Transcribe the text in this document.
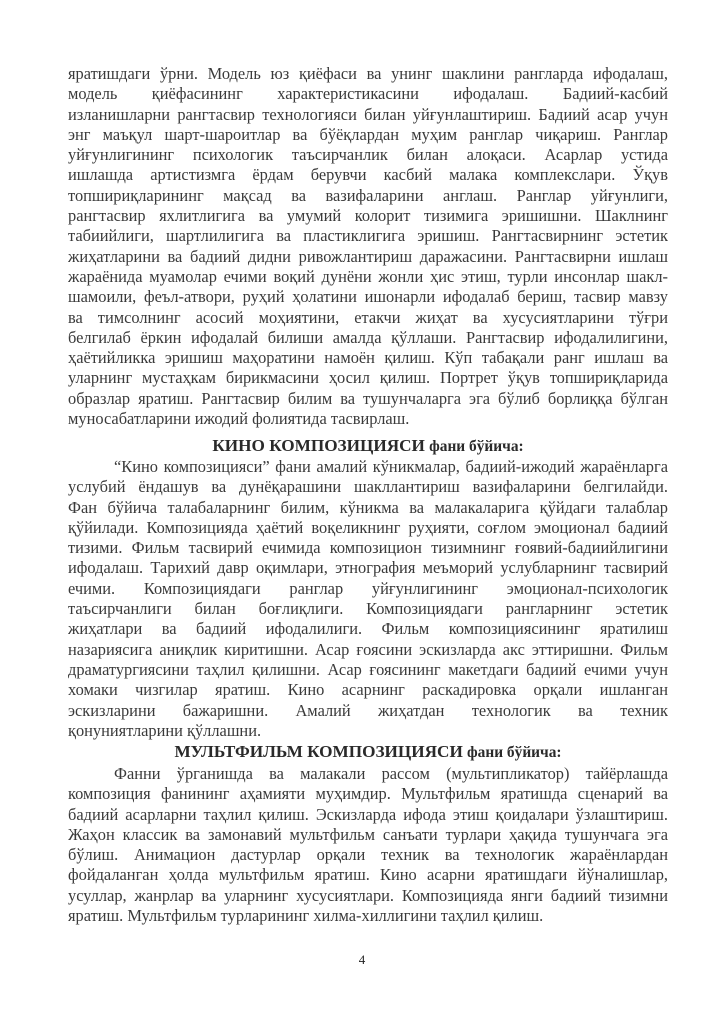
яратишдаги ўрни. Модель юз қиёфаси ва унинг шаклини рангларда ифодалаш,
модель қиёфасининг характеристикасини ифодалаш. Бадиий-касбий
изланишларни рангтасвир технологияси билан уйғунлаштириш. Бадиий асар учун
энг маъқул шарт-шароитлар ва бўёқлардан муҳим ранглар чиқариш. Ранглар
уйғунлигининг психологик таъсирчанлик билан алоқаси. Асарлар устида
ишлашда артистизмга ёрдам берувчи касбий малака комплекслари. Ўқув
топшириқларининг мақсад ва вазифаларини англаш. Ранглар уйғунлиги,
рангтасвир яхлитлигига ва умумий колорит тизимига эришишни. Шаклнинг
табиийлиги, шартлилигига ва пластиклигига эришиш. Рангтасвирнинг эстетик
жиҳатларини ва бадиий дидни ривожлантириш даражасини. Рангтасвирни ишлаш
жараёнида муамолар ечими воқий дунёни жонли ҳис этиш, турли инсонлар шакл-
шамоили, феъл-атвори, руҳий ҳолатини ишонарли ифодалаб бериш, тасвир мавзу
ва тимсолнинг асосий моҳиятини, етакчи жиҳат ва хусусиятларини тўғри
белгилаб ёркин ифодалай билиши амалда қўллаши. Рангтасвир ифодалилигини,
ҳаётийликка эришиш маҳоратини намоён қилиш. Кўп табақали ранг ишлаш ва
уларнинг мустаҳкам бирикмасини ҳосил қилиш. Портрет ўқув топшириқларида
образлар яратиш. Рангтасвир билим ва тушунчаларга эга бўлиб борлиққа бўлган
муносабатларини ижодий фолиятида тасвирлаш.
КИНО КОМПОЗИЦИЯСИ фани бўйича:
“Кино композицияси” фани амалий кўникмалар, бадиий-ижодий жараёнларга
услубий ёндашув ва дунёқарашини шакллантириш вазифаларини белгилайди.
Фан бўйича талабаларнинг билим, кўникма ва малакаларига қўйдаги талаблар
қўйилади. Композицияда ҳаётий воқеликнинг руҳияти, соғлом эмоционал бадиий
тизими. Фильм тасвирий ечимида композицион тизимнинг ғоявий-бадиийлигини
ифодалаш. Тарихий давр оқимлари, этнография меъморий услубларнинг тасвирий
ечими. Композициядаги ранглар уйғунлигининг эмоционал-психологик
таъсирчанлиги билан боғлиқлиги. Композициядаги рангларнинг эстетик
жиҳатлари ва бадиий ифодалилиги. Фильм композициясининг яратилиш
назариясига аниқлик киритишни. Асар ғоясини эскизларда акс эттиришни. Фильм
драматургиясини таҳлил қилишни. Асар ғоясининг макетдаги бадиий ечими учун
хомаки чизгилар яратиш. Кино асарнинг раскадировка орқали ишланган
эскизларини бажаришни. Амалий жиҳатдан технологик ва техник
қонуниятларини қўллашни.
МУЛЬТФИЛЬМ КОМПОЗИЦИЯСИ фани бўйича:
Фанни ўрганишда ва малакали рассом (мультипликатор) тайёрлашда
композиция фанининг аҳамияти муҳимдир. Мультфильм яратишда сценарий ва
бадиий асарларни таҳлил қилиш. Эскизларда ифода этиш қоидалари ўзлаштириш.
Жаҳон классик ва замонавий мультфильм санъати турлари ҳақида тушунчага эга
бўлиш. Анимацион дастурлар орқали техник ва технологик жараёнлардан
фойдаланган ҳолда мультфильм яратиш. Кино асарни яратишдаги йўналишлар,
усуллар, жанрлар ва уларнинг хусусиятлари. Композицияда янги бадиий тизимни
яратиш. Мультфильм турларининг хилма-хиллигини таҳлил қилиш.
4
